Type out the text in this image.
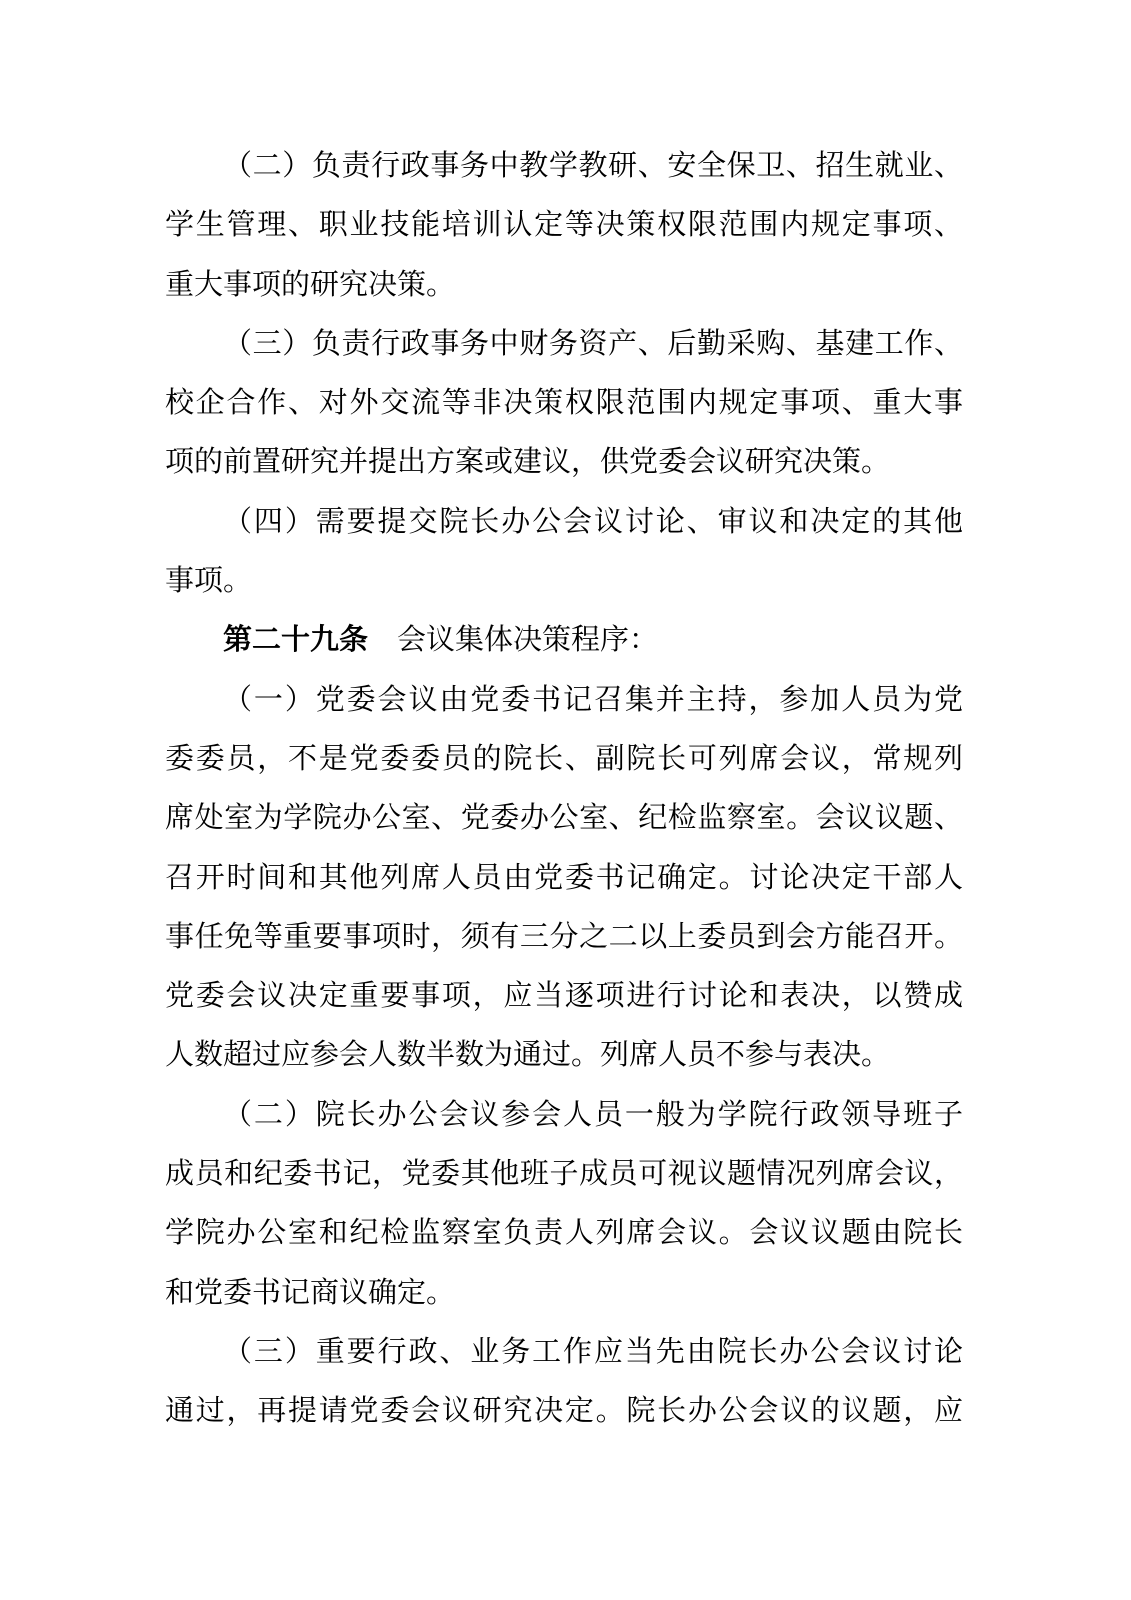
（二）负责行政事务中教学教研、安全保卫、招生就业、
学生管理、职业技能培训认定等决策权限范围内规定事项、
重大事项的研究决策。
（三）负责行政事务中财务资产、后勤采购、基建工作、
校企合作、对外交流等非决策权限范围内规定事项、重大事
项的前置研究并提出方案或建议，供党委会议研究决策。
（四）需要提交院长办公会议讨论、审议和决定的其他
事项。
第二十九条 会议集体决策程序：
（一）党委会议由党委书记召集并主持，参加人员为党
委委员，不是党委委员的院长、副院长可列席会议，常规列
席处室为学院办公室、党委办公室、纪检监察室。会议议题、
召开时间和其他列席人员由党委书记确定。讨论决定干部人
事任免等重要事项时，须有三分之二以上委员到会方能召开。
党委会议决定重要事项，应当逐项进行讨论和表决，以赞成
人数超过应参会人数半数为通过。列席人员不参与表决。
（二）院长办公会议参会人员一般为学院行政领导班子
成员和纪委书记，党委其他班子成员可视议题情况列席会议，
学院办公室和纪检监察室负责人列席会议。会议议题由院长
和党委书记商议确定。
（三）重要行政、业务工作应当先由院长办公会议讨论
通过，再提请党委会议研究决定。院长办公会议的议题，应
